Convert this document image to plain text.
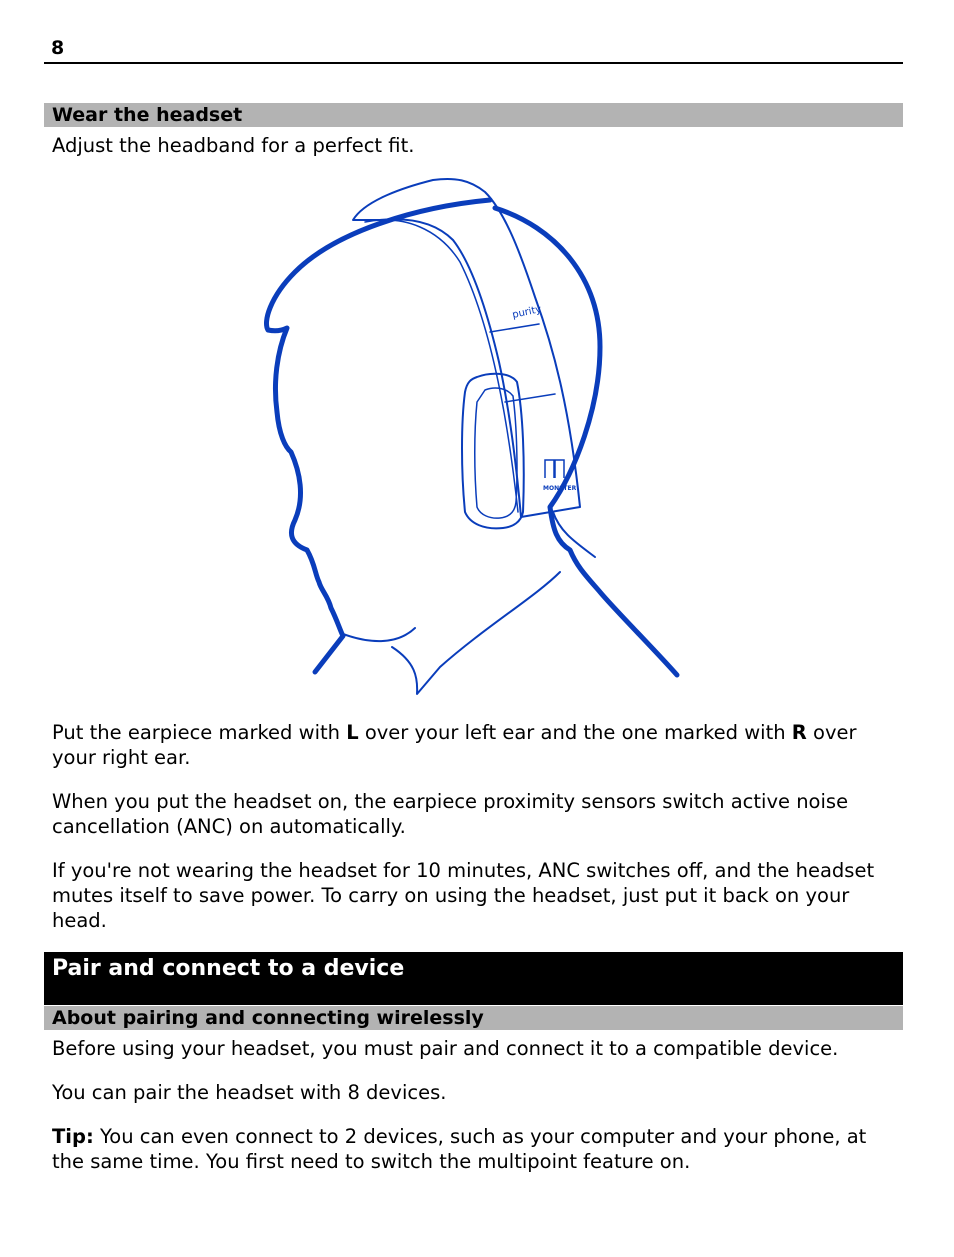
8
Wear the headset

Adjust the headband for a perfect fit.

purity
MONSTER

Put the earpiece marked with L over your left ear and the one marked with R over your right ear.

When you put the headset on, the earpiece proximity sensors switch active noise cancellation (ANC) on automatically.

If you're not wearing the headset for 10 minutes, ANC switches off, and the headset mutes itself to save power. To carry on using the headset, just put it back on your head.

Pair and connect to a device
About pairing and connecting wirelessly

Before using your headset, you must pair and connect it to a compatible device.

You can pair the headset with 8 devices.

Tip: You can even connect to 2 devices, such as your computer and your phone, at the same time. You first need to switch the multipoint feature on.
